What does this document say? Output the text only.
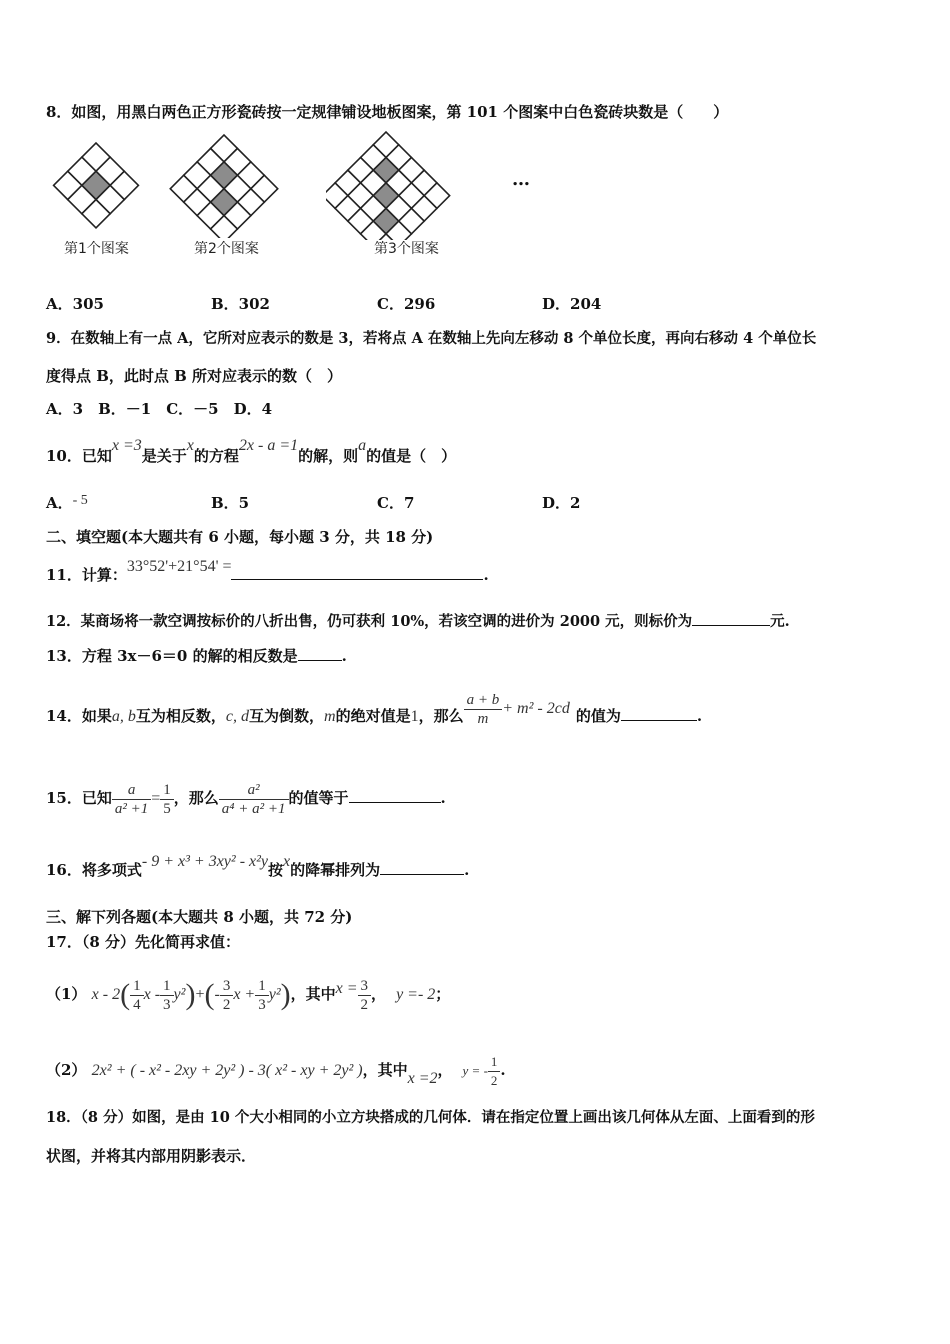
8．如图，用黑白两色正方形瓷砖按一定规律铺设地板图案，第 101 个图案中白色瓷砖块数是（　　）
第1个图案	第2个图案	第3个图案
…
A．305	B．302	C．296	D．204
9．在数轴上有一点 A，它所对应表示的数是 3，若将点 A 在数轴上先向左移动 8 个单位长度，再向右移动 4 个单位长
度得点 B，此时点 B 所对应表示的数（　）
A．3　B．－1　C．－5　D．4
10．已知x =3是关于x的方程2x - a =1的解，则a的值是（　）
A．- 5	B．5	C．7	D．2
二、填空题(本大题共有 6 小题，每小题 3 分，共 18 分)
11．计算：33°52'+21°54' =	.
12．某商场将一款空调按标价的八折出售，仍可获利 10%，若该空调的进价为 2000 元，则标价为	元.
13．方程 3x－6＝0 的解的相反数是	.
14．如果a, b互为相反数，c, d互为倒数，m的绝对值是1，那么 $\frac{a + b}{m} + m^2 - 2cd$ 的值为	.
15．已知 $\frac{a}{\text{a² +1}} = \frac{1}{5}$ ，那么 $\frac{\text{a²}}{\text{a⁴ + a² +1}}$ 的值等于	.
16．将多项式- 9 + x³ + 3xy² - x²y按x的降幂排列为	.
三、解下列各题(本大题共 8 小题，共 72 分)
17．（8 分）先化简再求值：
（1） x - $2( \frac{1}{4}$ $x - \frac{1}{3} y^2)+(- \frac{3}{2}$ $x + \frac{1}{3} y^2$)，其中$x = \frac{3}{2}$ ， y =- 2；
（2） 2x² + ( - x² - 2xy + 2y² ) - 3( x² - xy + 2y² )，其中x =2， y = - $\frac{1}{2}$ .
18．（8 分）如图，是由 10 个大小相同的小立方块搭成的几何体．请在指定位置上画出该几何体从左面、上面看到的形
状图，并将其内部用阴影表示．
